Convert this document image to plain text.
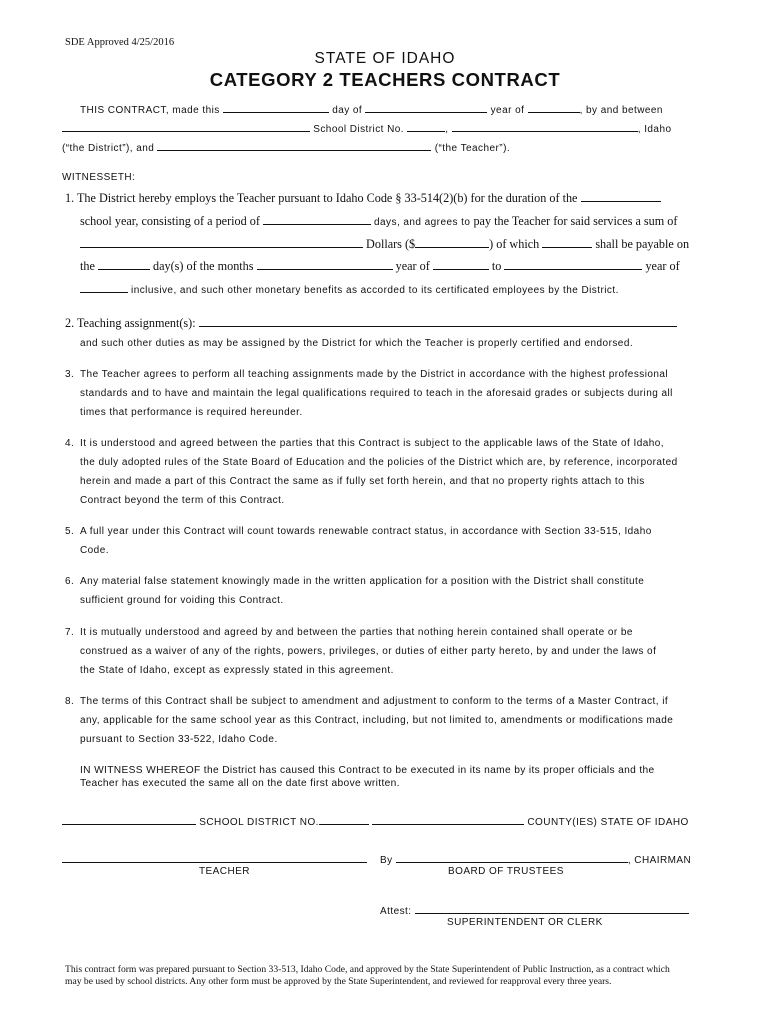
SDE Approved 4/25/2016
STATE OF IDAHO
CATEGORY 2 TEACHERS CONTRACT
THIS CONTRACT, made this	day of	year of	, by and between
School District No.	,	, Idaho
(“the District”), and	(“the Teacher”).
WITNESSETH:
1. The District hereby employs the Teacher pursuant to Idaho Code § 33-514(2)(b) for the duration of the
school year, consisting of a period of	days, and agrees to pay the Teacher for said services a sum of
Dollars ($	) of which	shall be payable on
the	day(s) of the months	year of	to	year of
inclusive, and such other monetary benefits as accorded to its certificated employees by the District.
2. Teaching assignment(s):
and such other duties as may be assigned by the District for which the Teacher is properly certified and endorsed.
3. The Teacher agrees to perform all teaching assignments made by the District in accordance with the highest professional
standards and to have and maintain the legal qualifications required to teach in the aforesaid grades or subjects during all
times that performance is required hereunder.
4. It is understood and agreed between the parties that this Contract is subject to the applicable laws of the State of Idaho,
the duly adopted rules of the State Board of Education and the policies of the District which are, by reference, incorporated
herein and made a part of this Contract the same as if fully set forth herein, and that no property rights attach to this
Contract beyond the term of this Contract.
5. A full year under this Contract will count towards renewable contract status, in accordance with Section 33-515, Idaho
Code.
6. Any material false statement knowingly made in the written application for a position with the District shall constitute
sufficient ground for voiding this Contract.
7. It is mutually understood and agreed by and between the parties that nothing herein contained shall operate or be
construed as a waiver of any of the rights, powers, privileges, or duties of either party hereto, by and under the laws of
the State of Idaho, except as expressly stated in this agreement.
8. The terms of this Contract shall be subject to amendment and adjustment to conform to the terms of a Master Contract, if
any, applicable for the same school year as this Contract, including, but not limited to, amendments or modifications made
pursuant to Section 33-522, Idaho Code.
IN WITNESS WHEREOF the District has caused this Contract to be executed in its name by its proper officials and the
Teacher has executed the same all on the date first above written.
SCHOOL DISTRICT NO.	COUNTY(IES) STATE OF IDAHO
By	, CHAIRMAN
TEACHER	BOARD OF TRUSTEES
Attest:
SUPERINTENDENT OR CLERK
This contract form was prepared pursuant to Section 33-513, Idaho Code, and approved by the State Superintendent of Public Instruction, as a contract which
may be used by school districts. Any other form must be approved by the State Superintendent, and reviewed for reapproval every three years.
